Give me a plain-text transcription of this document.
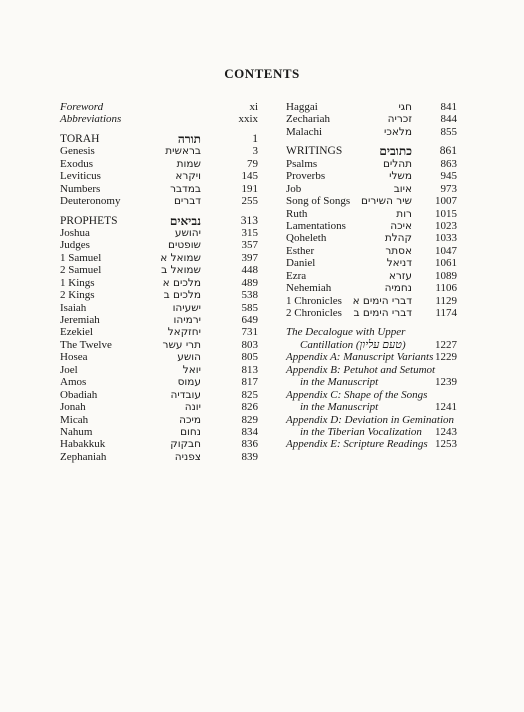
CONTENTS
Foreword	xi
Abbreviations	xxix
TORAH	תורה	1
Genesis	בראשית	3
Exodus	שמות	79
Leviticus	ויקרא	145
Numbers	במדבר	191
Deuteronomy	דברים	255
PROPHETS	נביאים	313
Joshua	יהושע	315
Judges	שופטים	357
1 Samuel	שמואל א	397
2 Samuel	שמואל ב	448
1 Kings	מלכים א	489
2 Kings	מלכים ב	538
Isaiah	ישעיהו	585
Jeremiah	ירמיהו	649
Ezekiel	יחזקאל	731
The Twelve	תרי עשר	803
Hosea	הושע	805
Joel	יואל	813
Amos	עמוס	817
Obadiah	עובדיה	825
Jonah	יונה	826
Micah	מיכה	829
Nahum	נחום	834
Habakkuk	חבקוק	836
Zephaniah	צפניה	839
Haggai	חגי	841
Zechariah	זכריה	844
Malachi	מלאכי	855
WRITINGS	כתובים 861
Psalms	תהלים	863
Proverbs	משלי	945
Job	איוב	973
Song of Songs שיר השירים 1007
Ruth	רות 1015
Lamentations	איכה 1023
Qoheleth	קהלת 1033
Esther	אסתר 1047
Daniel	דניאל 1061
Ezra	עזרא 1089
Nehemiah	נחמיה 1106
1 Chronicles דברי הימים א 1129
2 Chronicles דברי הימים ב 1174
The Decalogue with Upper
Cantillation (טעם עליון)	1227
Appendix A: Manuscript Variants 1229
Appendix B: Petuhot and Setumot
in the Manuscript	1239
Appendix C: Shape of the Songs
in the Manuscript	1241
Appendix D: Deviation in Gemination
in the Tiberian Vocalization 1243
Appendix E: Scripture Readings 1253
